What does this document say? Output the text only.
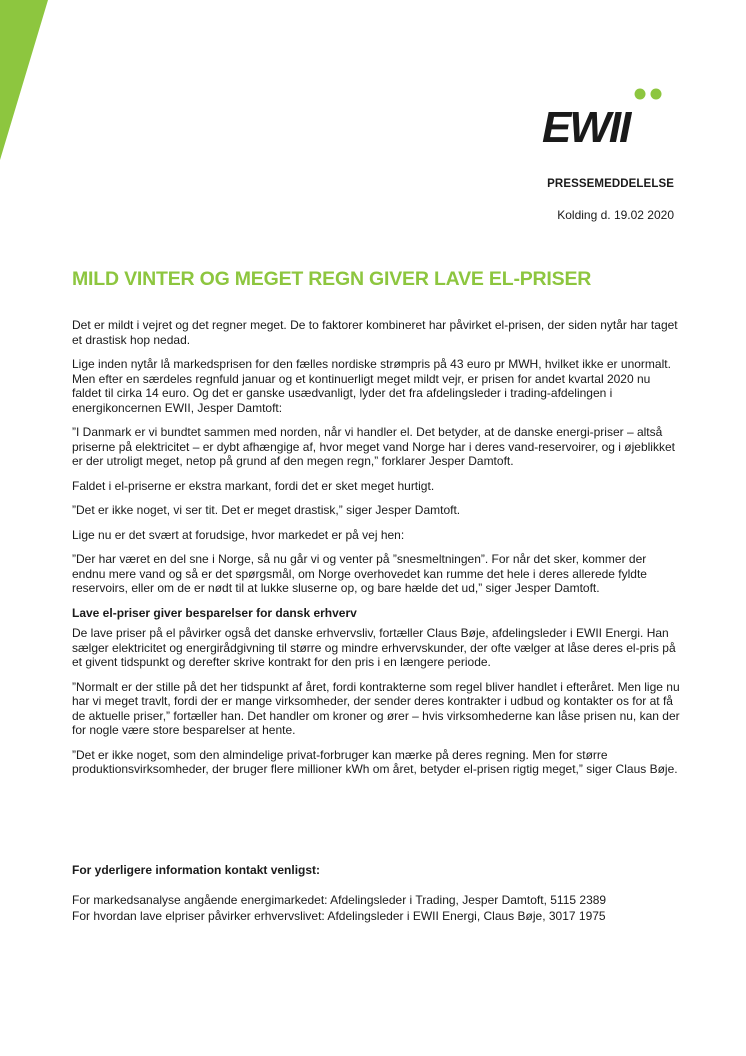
EWII
PRESSEMEDDELELSE
Kolding d. 19.02 2020
MILD VINTER OG MEGET REGN GIVER LAVE EL-PRISER

Det er mildt i vejret og det regner meget. De to faktorer kombineret har påvirket el-prisen, der siden nytår har taget et drastisk hop nedad.

Lige inden nytår lå markedsprisen for den fælles nordiske strømpris på 43 euro pr MWH, hvilket ikke er unormalt. Men efter en særdeles regnfuld januar og et kontinuerligt meget mildt vejr, er prisen for andet kvartal 2020 nu faldet til cirka 14 euro. Og det er ganske usædvanligt, lyder det fra afdelingsleder i trading-afdelingen i energikoncernen EWII, Jesper Damtoft:

”I Danmark er vi bundtet sammen med norden, når vi handler el. Det betyder, at de danske energi-priser – altså priserne på elektricitet – er dybt afhængige af, hvor meget vand Norge har i deres vand-reservoirer, og i øjeblikket er der utroligt meget, netop på grund af den megen regn,” forklarer Jesper Damtoft.

Faldet i el-priserne er ekstra markant, fordi det er sket meget hurtigt.

”Det er ikke noget, vi ser tit. Det er meget drastisk,” siger Jesper Damtoft.

Lige nu er det svært at forudsige, hvor markedet er på vej hen:

”Der har været en del sne i Norge, så nu går vi og venter på ”snesmeltningen”. For når det sker, kommer der endnu mere vand og så er det spørgsmål, om Norge overhovedet kan rumme det hele i deres allerede fyldte reservoirs, eller om de er nødt til at lukke sluserne op, og bare hælde det ud,” siger Jesper Damtoft.

Lave el-priser giver besparelser for dansk erhverv

De lave priser på el påvirker også det danske erhvervsliv, fortæller Claus Bøje, afdelingsleder i EWII Energi. Han sælger elektricitet og energirådgivning til større og mindre erhvervskunder, der ofte vælger at låse deres el-pris på et givent tidspunkt og derefter skrive kontrakt for den pris i en længere periode.

”Normalt er der stille på det her tidspunkt af året, fordi kontrakterne som regel bliver handlet i efteråret. Men lige nu har vi meget travlt, fordi der er mange virksomheder, der sender deres kontrakter i udbud og kontakter os for at få de aktuelle priser,” fortæller han. Det handler om kroner og ører – hvis virksomhederne kan låse prisen nu, kan der for nogle være store besparelser at hente.

”Det er ikke noget, som den almindelige privat-forbruger kan mærke på deres regning. Men for større produktionsvirksomheder, der bruger flere millioner kWh om året, betyder el-prisen rigtig meget,” siger Claus Bøje.

For yderligere information kontakt venligst:

For markedsanalyse angående energimarkedet: Afdelingsleder i Trading, Jesper Damtoft, 5115 2389

For hvordan lave elpriser påvirker erhvervslivet: Afdelingsleder i EWII Energi, Claus Bøje, 3017 1975
